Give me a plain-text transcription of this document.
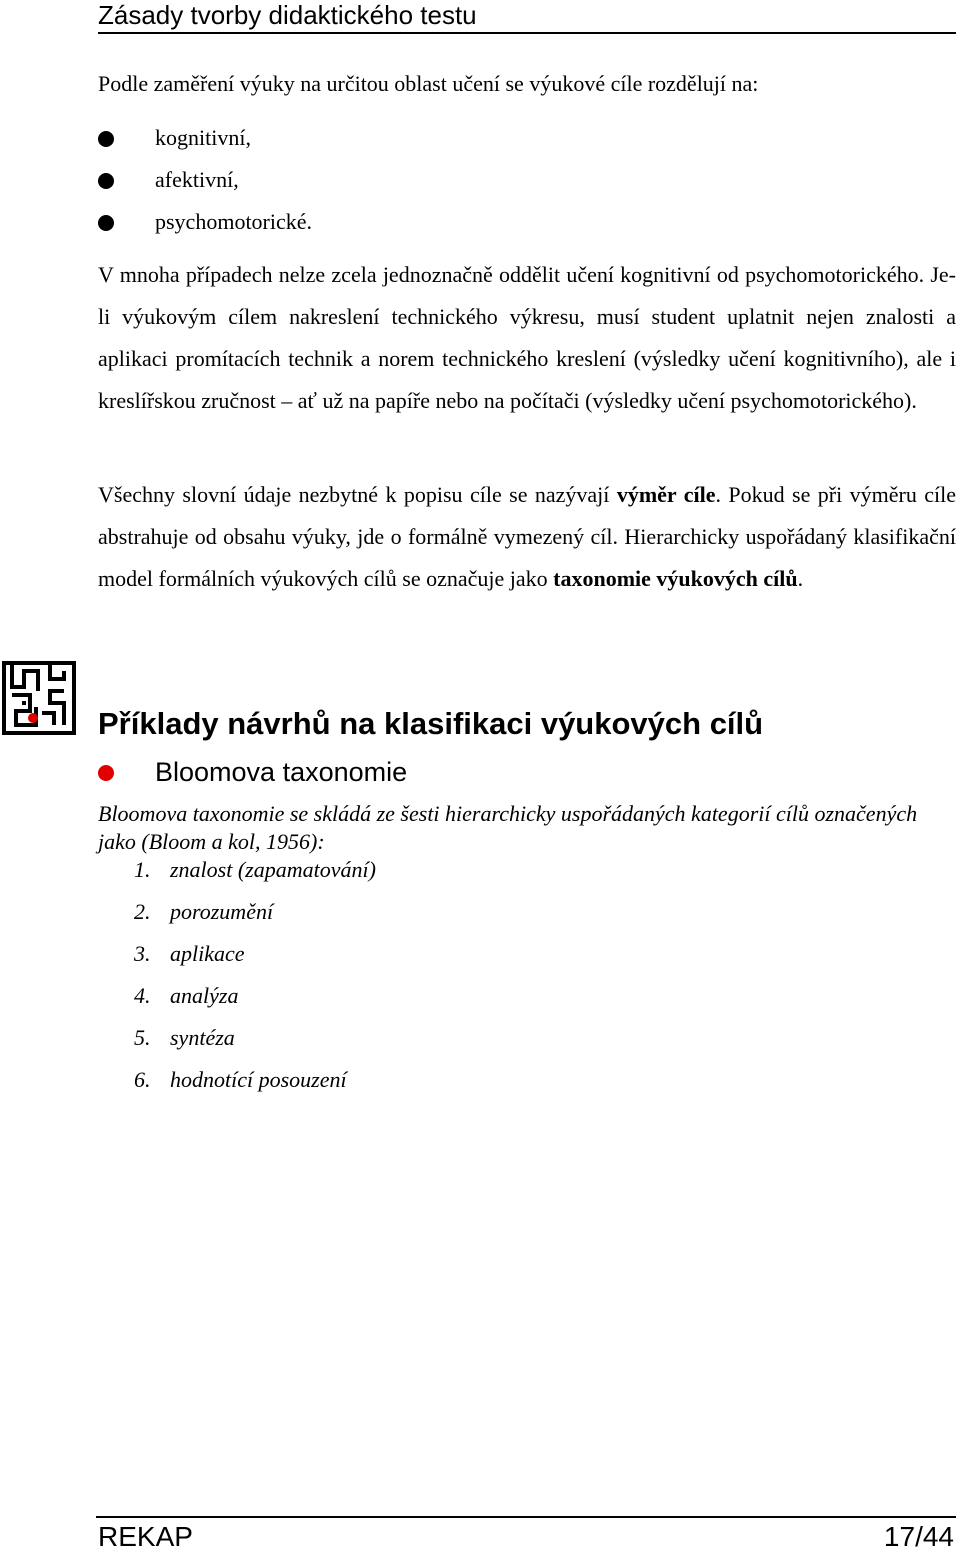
Zásady tvorby didaktického testu
Podle zaměření výuky na určitou oblast učení se výukové cíle rozdělují na:
kognitivní,
afektivní,
psychomotorické.
V mnoha případech nelze zcela jednoznačně oddělit učení kognitivní od psychomotorického. Je-li výukovým cílem nakreslení technického výkresu, musí student uplatnit nejen znalosti a aplikaci promítacích technik a norem technického kreslení (výsledky učení kognitivního), ale i kreslířskou zručnost – ať už na papíře nebo na počítači (výsledky učení psychomotorického).
Všechny slovní údaje nezbytné k popisu cíle se nazývají výměr cíle. Pokud se při výměru cíle abstrahuje od obsahu výuky, jde o formálně vymezený cíl. Hierarchicky uspořádaný klasifikační model formálních výukových cílů se označuje jako taxonomie výukových cílů.
Příklady návrhů na klasifikaci výukových cílů
Bloomova taxonomie
Bloomova taxonomie se skládá ze šesti hierarchicky uspořádaných kategorií cílů označených jako (Bloom a kol, 1956):
1. znalost (zapamatování)
2. porozumění
3. aplikace
4. analýza
5. syntéza
6. hodnotící posouzení
REKAP	17/44
